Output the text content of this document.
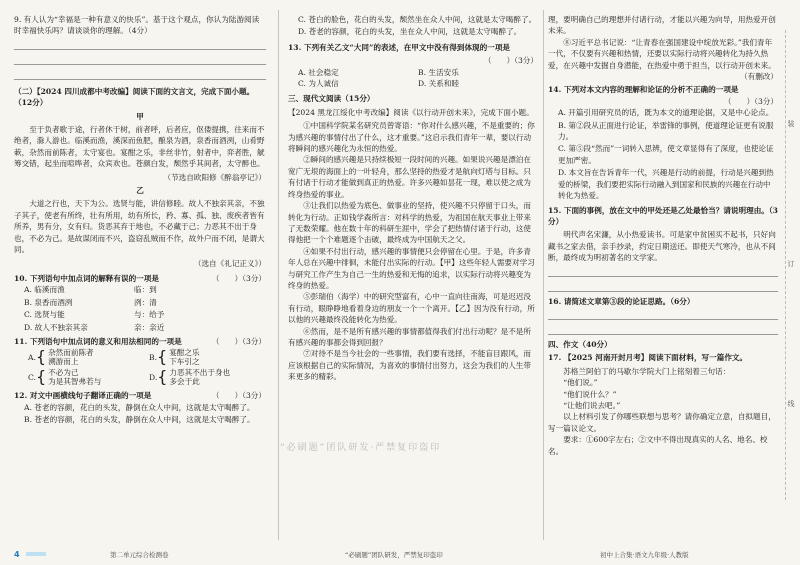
9. 有人认为“幸福是一种有意义的快乐”。基于这个观点，你认为陆游阅读时幸福快乐吗？请谈谈你的理解。（4分）

（二）【2024 四川成都中考改编】阅读下面的文言文，完成下面小题。（12分）

甲

至于负者歌于途，行者休于树，前者呼，后者应，伛偻提携，往来而不绝者，滁人游也。临溪而渔，溪深而鱼肥，酿泉为酒，泉香而酒洌，山肴野蔌，杂然而前陈者，太守宴也。宴酣之乐，非丝非竹，射者中，弈者胜，觥筹交错，起坐而喧哗者，众宾欢也。苍颜白发，颓然乎其间者，太守醉也。

（节选自欧阳修《醉翁亭记》）

乙

大道之行也，天下为公。选贤与能，讲信修睦。故人不独亲其亲，不独子其子，使老有所终，壮有所用，幼有所长，矜、寡、孤、独、废疾者皆有所养，男有分，女有归。货恶其弃于地也，不必藏于己；力恶其不出于身也，不必为己。是故谋闭而不兴，盗窃乱贼而不作，故外户而不闭，是谓大同。

（选自《礼记正义》）

10. 下列语句中加点词的解释有误的一项是	（　　）（3分）
A. 临溪而渔	临：到
B. 泉香而酒洌	洌：清
C. 选贤与能	与：给予
D. 故人不独亲其亲	亲：亲近
11. 下列语句中加点词的意义和用法相同的一项是	（　　）（3分）
A. { 杂然而前陈者
溯游而上
B. { 宴酣之乐
下车引之
C. { 不必为己
为是其智弗若与
D. { 力恶其不出于身也
多会于此
12. 对文中画横线句子翻译正确的一项是	（　　）（3分）

A. 苍老的容颜，花白的头发，静倒在众人中间，这就是太守喝醉了。

B. 苍老的容颜，花白的头发，静倒在众人中间，这就是太守喝醉了。

C. 苍白的脸色，花白的头发，颓然坐在众人中间，这就是太守喝醉了。

D. 苍老的容颜，花白的头发，坐在众人中间，这就是太守喝醉了。

13. 下列有关乙文“大同”的表述，在甲文中没有得到体现的一项是

（　　）（3分）

A. 社会稳定	B. 生活安乐
C. 为人诚信	D. 关系和睦

三、现代文阅读（15分）

【2024 黑龙江绥化中考改编】阅读《以行动开创未来》，完成下面小题。

①中国科学院某名研究员曾寄语：“你对什么感兴趣，不是重要的；你为感兴趣的事情付出了什么，这才重要。”这启示我们青年一辈，要以行动将瞬间的感兴趣化为永恒的热爱。

②瞬间的感兴趣是只持续极短一段时间的兴趣。如果说兴趣是漂泊在宽广无垠的海面上的一叶轻舟，那么坚持的热爱才是航向灯塔与目标。只有付诸于行动才能做到真正的热爱。许多兴趣如昙花一现，难以使之成为终身热爱的事业。

③让我们以热爱为底色、做事业的坚持，使兴趣不只停留于口头，而转化为行动。正如钱学森所言：对科学的热爱，为祖国在航天事业上带来了无数荣耀。他在数十年的科研生涯中，学会了把热情付诸于行动，这使得他把一个个难题逐个击破，最终成为中国航天之父。

④如果不付出行动，感兴趣的事情便只会停留在心里。于是，许多青年人总在兴趣中徘徊，未能付出实际的行动。【甲】这些年轻人需要对学习与研究工作产生为自己一生的热爱和无悔的追求，以实际行动将兴趣变为终身的热爱。

⑤彭瑞伯（海学）中的研究型富有，心中一直向往南海，可是迟迟没有行动，眼睁睁地看着身边的朋友一个一个离开。【乙】因为没有行动，所以他的兴趣最终没能转化为热爱。

⑥然而，是不是所有感兴趣的事情都值得我们付出行动呢？是不是所有感兴趣的事都会得到回报？

⑦对待不是当今社会的一些事情，我们要有选择，不能盲目跟风，而应该根据自己的实际情况，为喜欢的事情付出努力，这会为我们的人生带来更多的精彩。

理，要明确自己的理想并付诸行动，才能以兴趣为向导，用热爱开创未来。

⑧习近平总书记说：“让青春在强国建设中绽放光彩。”我们青年一代，不仅要有兴趣和热情，还要以实际行动将兴趣转化为持久热爱，在兴趣中发掘自身潜能，在热爱中勇于担当，以行动开创未来。

（有删改）

14. 下列对本文内容的理解和论证的分析不正确的一项是

（　　）（3分）

A. 开篇引用研究员的话，既为本文的道理论据，又是中心论点。

B. 第②段从正面进行论证，举雷锋的事例，使道理论证更有说服力。

C. 第⑤段“然而”一词转入思辨，使文章显得有了深度，也使论证更加严密。

D. 本文旨在告诉青年一代，兴趣是行动的前提，行动是兴趣到热爱的桥梁，我们要把实际行动融入到国家和民族的兴趣在行动中转化为热爱。

15. 下面的事例，放在文中的甲处还是乙处最恰当？请说明理由。（3分）

明代声名宋濂，从小热爱读书。可是家中贫困买不起书，只好向藏书之家去借，亲手抄录，约定日期送还。即使天气寒冷，也从不间断，最终成为明初著名的文学家。

16. 请简述文章第③段的论证思路。（6分）

四、作文（40分）

17. 【2025 河南开封月考】阅读下面材料，写一篇作文。

苏格兰阿伯丁的马歇尔学院大门上铭刻着三句话：

“他们说。”

“他们说什么？”

“让他们说去吧。”

以上材料引发了你哪些联想与思考？请你确定立意，自拟题目，写一篇议论文。

要求：①600字左右；②文中不得出现真实的人名、地名、校名。

装
订
线
“必刷题”团队研发·严禁复印盗印
4	第二单元综合检测卷	“必刷题”团队研发，严禁复印盗印	初中上合集·语文九年级·人教版
